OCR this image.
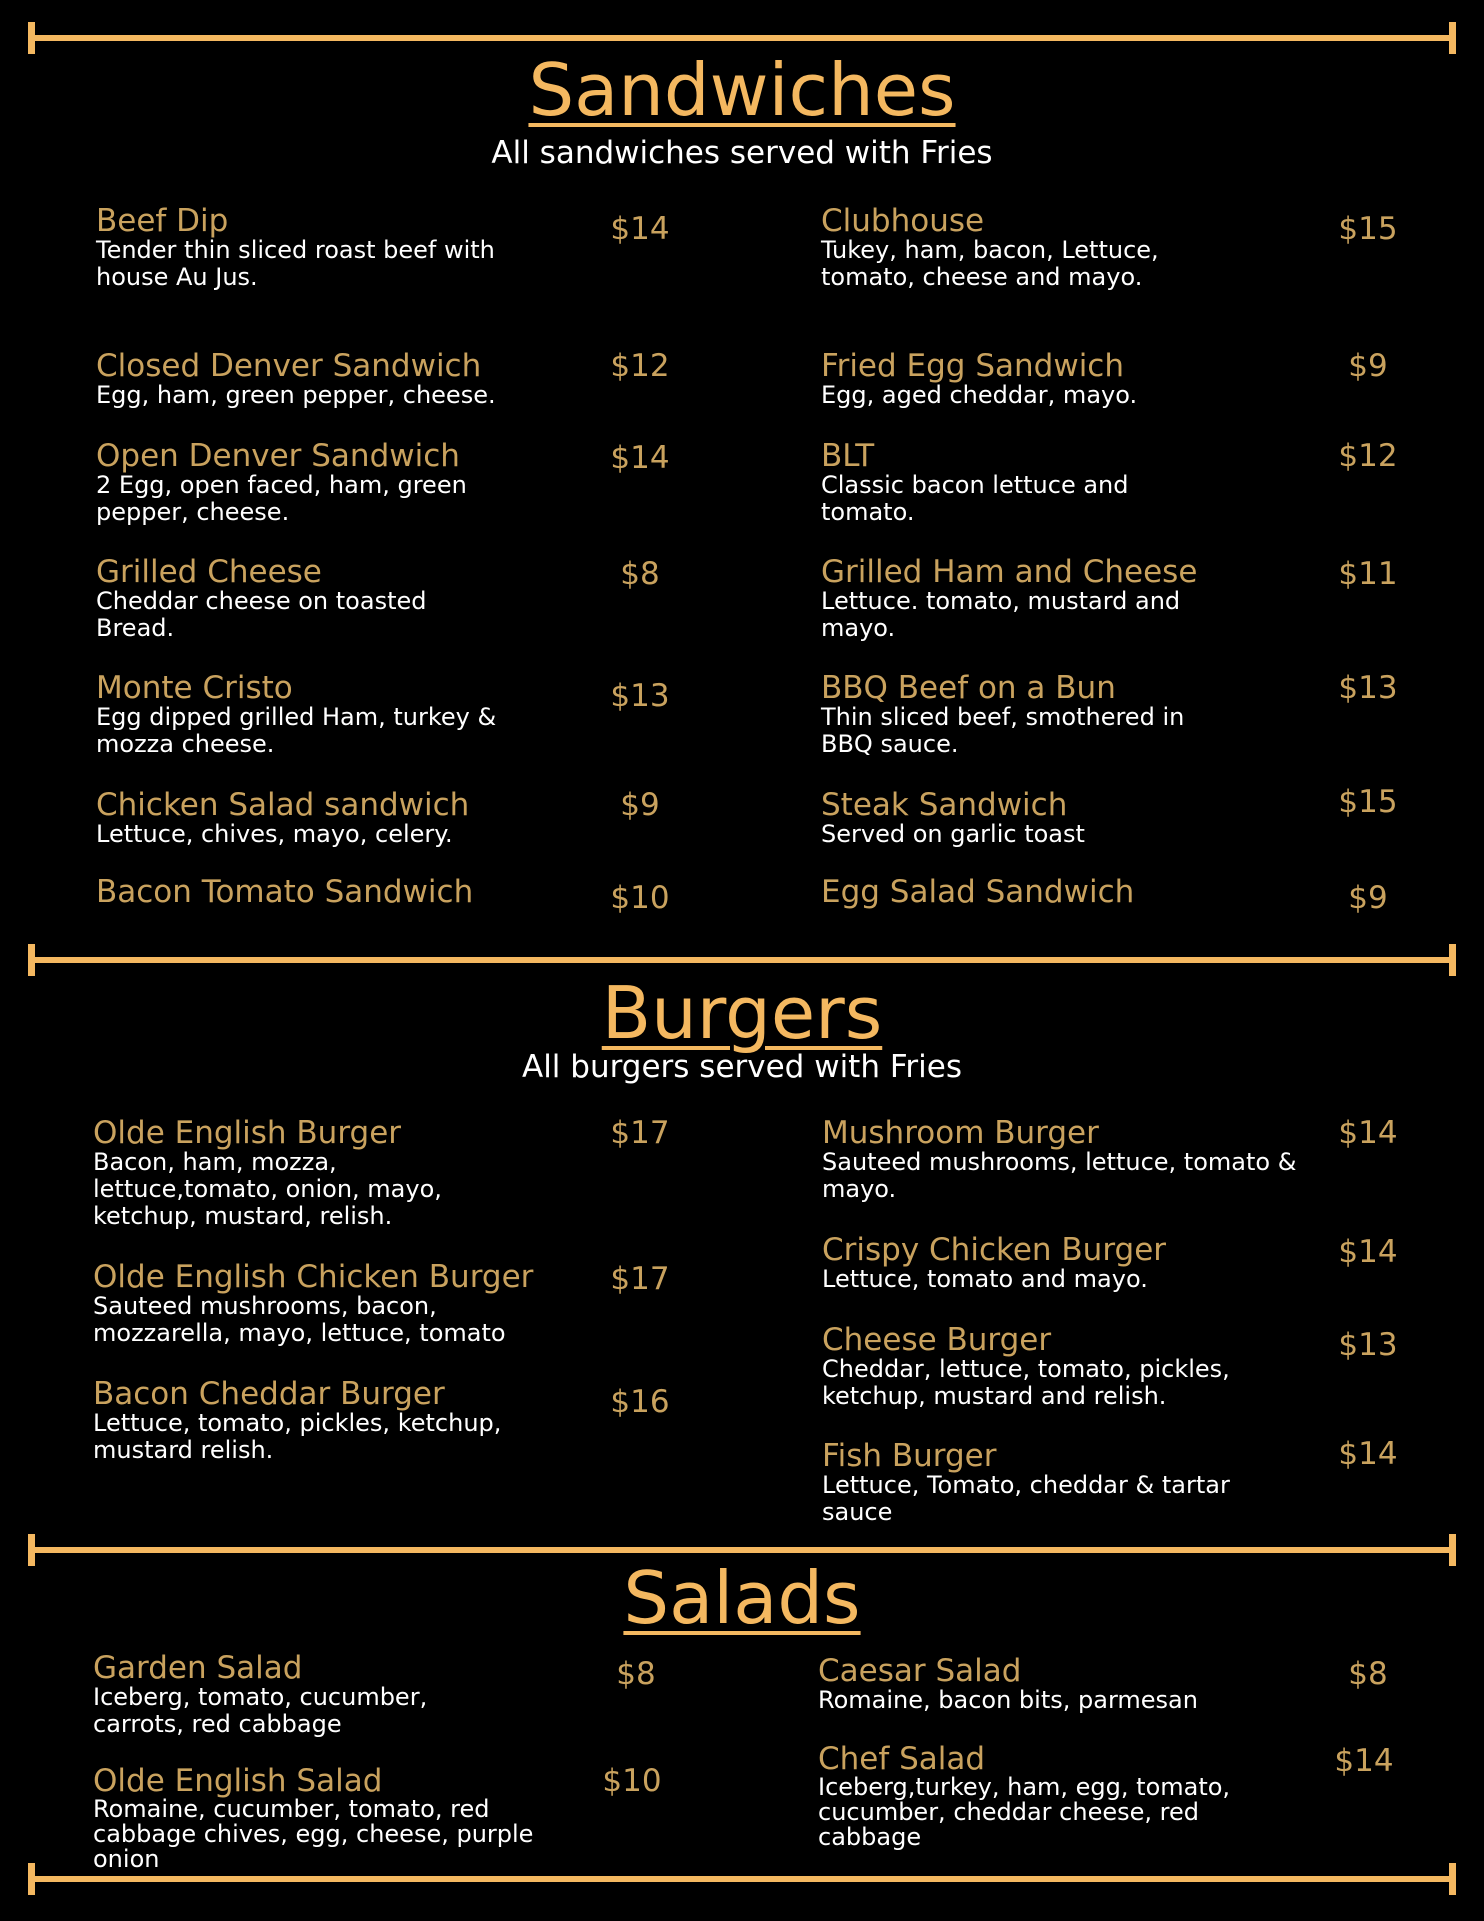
Sandwiches

All sandwiches served with Fries

Beef Dip
Tender thin sliced roast beef with house Au Jus.
$14
Closed Denver Sandwich
Egg, ham, green pepper, cheese.
$12
Open Denver Sandwich
2 Egg, open faced, ham, green pepper, cheese.
$14
Grilled Cheese
Cheddar cheese on toasted Bread.
$8
Monte Cristo
Egg dipped grilled Ham, turkey & mozza cheese.
$13
Chicken Salad sandwich
Lettuce, chives, mayo, celery.
$9
Bacon Tomato Sandwich	$10
Clubhouse
Tukey, ham, bacon, Lettuce, tomato, cheese and mayo.
$15
Fried Egg Sandwich
Egg, aged cheddar, mayo.
$9
BLT
Classic bacon lettuce and tomato.
$12
Grilled Ham and Cheese
Lettuce. tomato, mustard and mayo.
$11
BBQ Beef on a Bun
Thin sliced beef, smothered in BBQ sauce.
$13
Steak Sandwich
Served on garlic toast
$15
Egg Salad Sandwich	$9
Burgers

All burgers served with Fries

Olde English Burger
Bacon, ham, mozza, lettuce,tomato, onion, mayo, ketchup, mustard, relish.
$17
Olde English Chicken Burger
Sauteed mushrooms, bacon, mozzarella, mayo, lettuce, tomato
$17
Bacon Cheddar Burger
Lettuce, tomato, pickles, ketchup, mustard relish.
$16
Mushroom Burger
Sauteed mushrooms, lettuce, tomato & mayo.
$14
Crispy Chicken Burger
Lettuce, tomato and mayo.
$14
Cheese Burger
Cheddar, lettuce, tomato, pickles, ketchup, mustard and relish.
$13
Fish Burger
Lettuce, Tomato, cheddar & tartar sauce
$14
Salads
Garden Salad
Iceberg, tomato, cucumber, carrots, red cabbage
$8
Olde English Salad
Romaine, cucumber, tomato, red cabbage chives, egg, cheese, purple onion
$10
Caesar Salad
Romaine, bacon bits, parmesan
$8
Chef Salad
Iceberg,turkey, ham, egg, tomato, cucumber, cheddar cheese, red cabbage
$14
